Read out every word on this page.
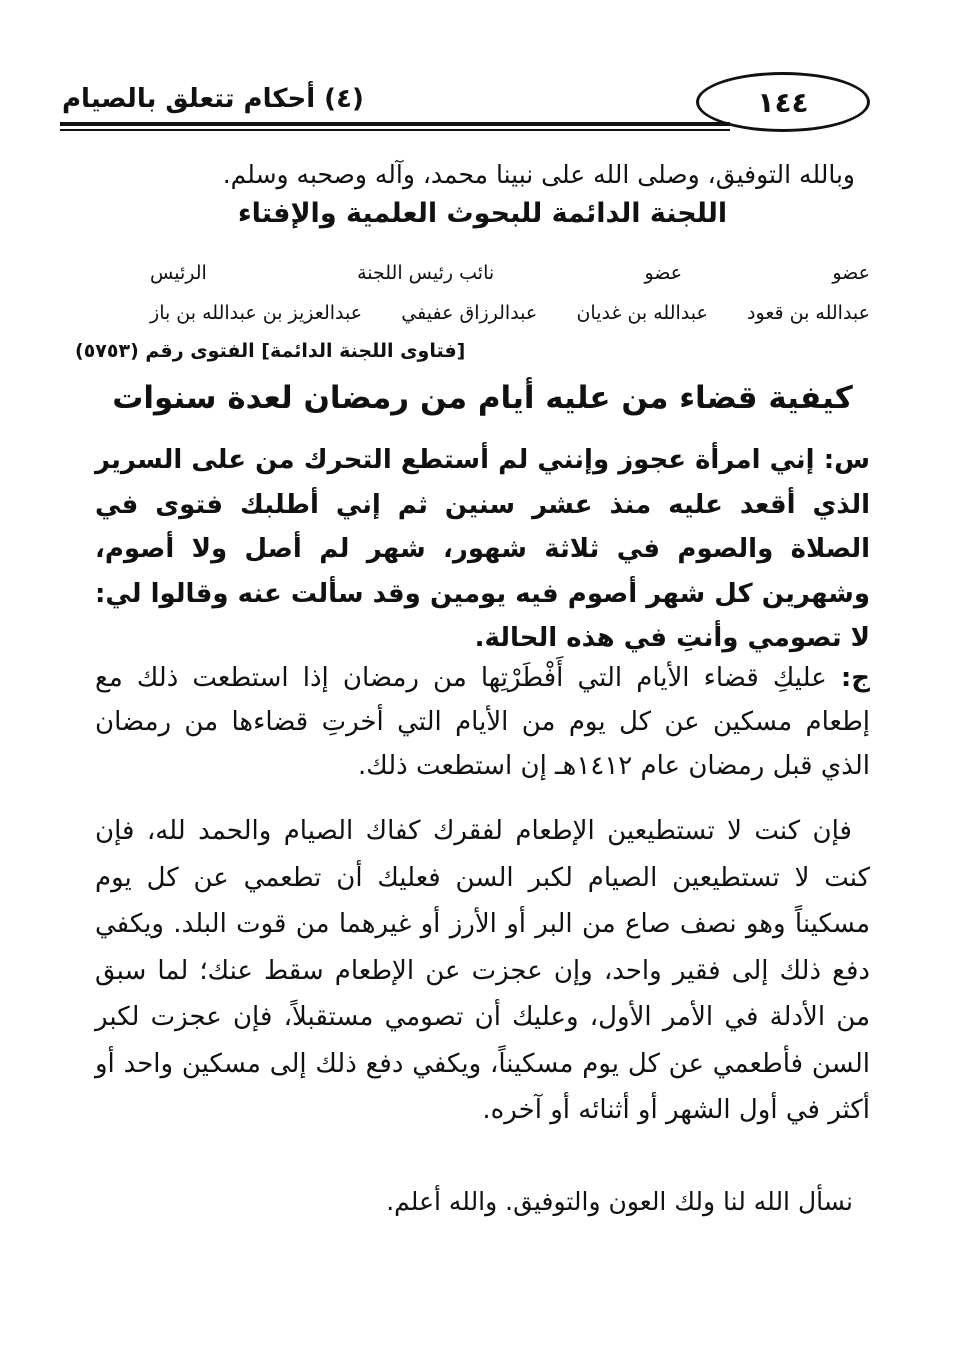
١٤٤
(٤) أحكام تتعلق بالصيام
وبالله التوفيق، وصلى الله على نبينا محمد، وآله وصحبه وسلم.
اللجنة الدائمة للبحوث العلمية والإفتاء
عضو
عضو
نائب رئيس اللجنة
الرئيس
عبدالله بن قعود
عبدالله بن غديان
عبدالرزاق عفيفي
عبدالعزيز بن عبدالله بن باز
[فتاوى اللجنة الدائمة] الفتوى رقم (٥٧٥٣)
كيفية قضاء من عليه أيام من رمضان لعدة سنوات
س: إني امرأة عجوز وإنني لم أستطع التحرك من على السرير الذي أقعد عليه منذ عشر سنين ثم إني أطلبك فتوى في الصلاة والصوم في ثلاثة شهور، شهر لم أصل ولا أصوم، وشهرين كل شهر أصوم فيه يومين وقد سألت عنه وقالوا لي: لا تصومي وأنتِ في هذه الحالة.
ج: عليكِ قضاء الأيام التي أَفْطَرْتِها من رمضان إذا استطعت ذلك مع إطعام مسكين عن كل يوم من الأيام التي أخرتِ قضاءها من رمضان الذي قبل رمضان عام ١٤١٢هـ إن استطعت ذلك.
فإن كنت لا تستطيعين الإطعام لفقرك كفاك الصيام والحمد لله، فإن كنت لا تستطيعين الصيام لكبر السن فعليك أن تطعمي عن كل يوم مسكيناً وهو نصف صاع من البر أو الأرز أو غيرهما من قوت البلد. ويكفي دفع ذلك إلى فقير واحد، وإن عجزت عن الإطعام سقط عنك؛ لما سبق من الأدلة في الأمر الأول، وعليك أن تصومي مستقبلاً، فإن عجزت لكبر السن فأطعمي عن كل يوم مسكيناً، ويكفي دفع ذلك إلى مسكين واحد أو أكثر في أول الشهر أو أثنائه أو آخره.
نسأل الله لنا ولك العون والتوفيق. والله أعلم.
